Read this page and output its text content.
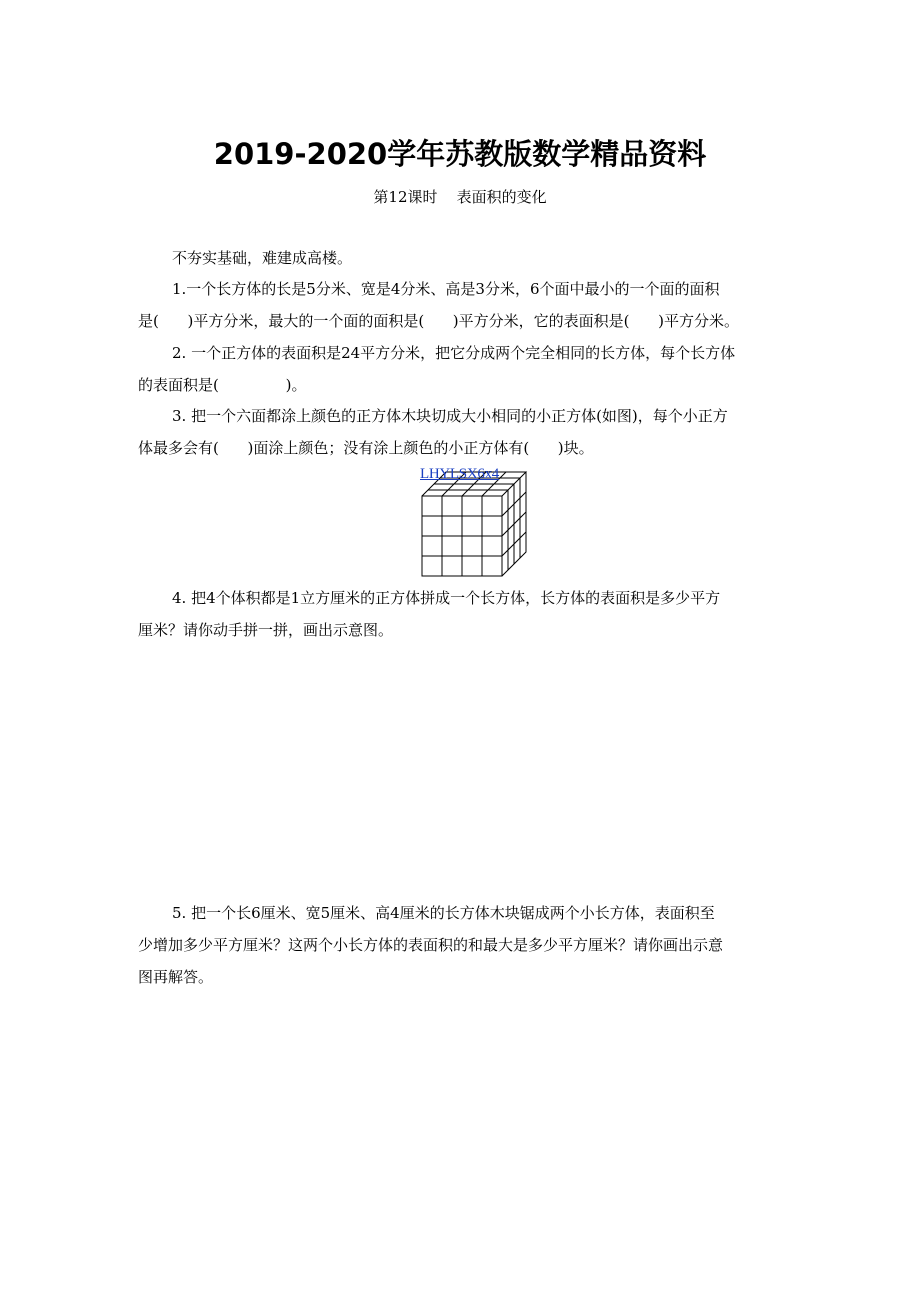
2019-2020学年苏教版数学精品资料
第12课时    表面积的变化
不夯实基础，难建成高楼。
1.一个长方体的长是5分米、宽是4分米、高是3分米，6个面中最小的一个面的面积
是(      )平方分米，最大的一个面的面积是(      )平方分米，它的表面积是(      )平方分米。
2. 一个正方体的表面积是24平方分米，把它分成两个完全相同的长方体，每个长方体
的表面积是(              )。
3. 把一个六面都涂上颜色的正方体木块切成大小相同的小正方体(如图)，每个小正方
体最多会有(      )面涂上颜色；没有涂上颜色的小正方体有(      )块。
LHYLSX6x4
4. 把4个体积都是1立方厘米的正方体拼成一个长方体，长方体的表面积是多少平方
厘米？请你动手拼一拼，画出示意图。
5. 把一个长6厘米、宽5厘米、高4厘米的长方体木块锯成两个小长方体，表面积至
少增加多少平方厘米？这两个小长方体的表面积的和最大是多少平方厘米？请你画出示意
图再解答。
